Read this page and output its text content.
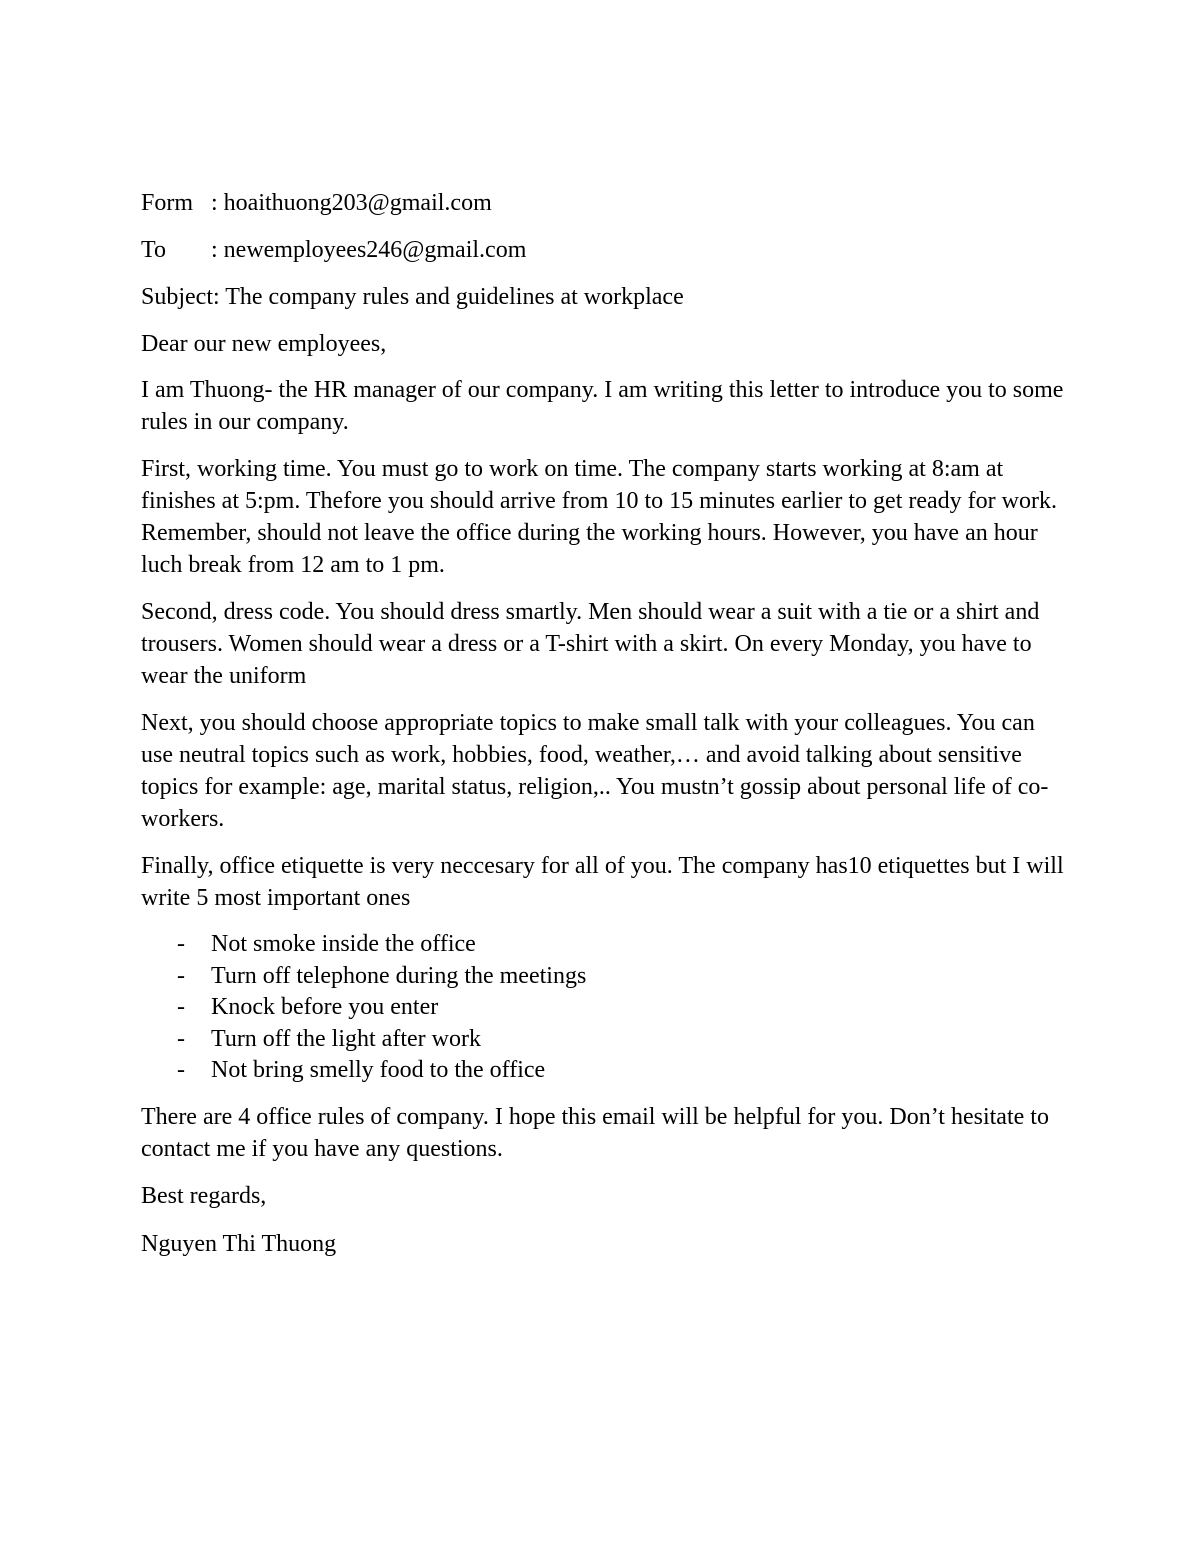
Form : hoaithuong203@gmail.com
To : newemployees246@gmail.com
Subject: The company rules and guidelines at workplace
Dear our new employees,

I am Thuong- the HR manager of our company. I am writing this letter to introduce you to some rules in our company.

First, working time. You must go to work on time. The company starts working at 8:am at finishes at 5:pm. Thefore you should arrive from 10 to 15 minutes earlier to get ready for work. Remember, should not leave the office during the working hours. However, you have an hour luch break from 12 am to 1 pm.

Second, dress code. You should dress smartly. Men should wear a suit with a tie or a shirt and trousers. Women should wear a dress or a T-shirt with a skirt. On every Monday, you have to wear the uniform

Next, you should choose appropriate topics to make small talk with your colleagues. You can use neutral topics such as work, hobbies, food, weather,… and avoid talking about sensitive topics for example: age, marital status, religion,.. You mustn’t gossip about personal life of co-workers.

Finally, office etiquette is very neccesary for all of you. The company has10 etiquettes but I will write 5 most important ones

- Not smoke inside the office
- Turn off telephone during the meetings
- Knock before you enter
- Turn off the light after work
- Not bring smelly food to the office

There are 4 office rules of company. I hope this email will be helpful for you. Don’t hesitate to contact me if you have any questions.

Best regards,

Nguyen Thi Thuong
